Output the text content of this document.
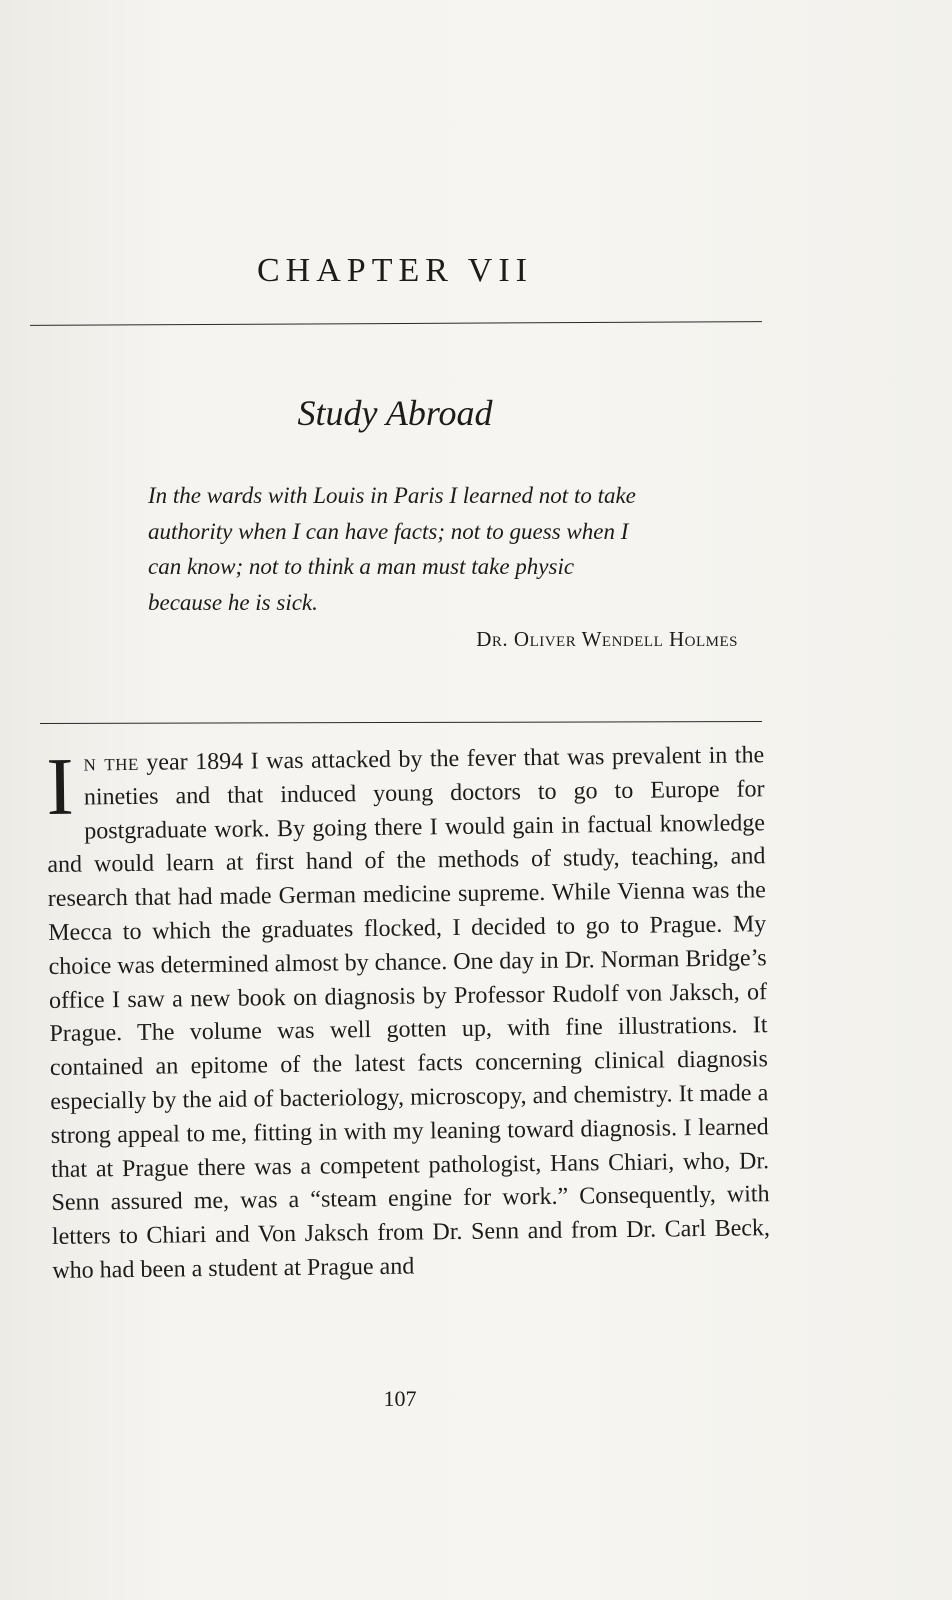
CHAPTER VII
Study Abroad

In the wards with Louis in Paris I learned not to take authority when I can have facts; not to guess when I can know; not to think a man must take physic because he is sick.

Dr. Oliver Wendell Holmes

In the year 1894 I was attacked by the fever that was prevalent in the nineties and that induced young doctors to go to Europe for postgraduate work. By going there I would gain in factual knowledge and would learn at first hand of the methods of study, teaching, and research that had made German medicine supreme. While Vienna was the Mecca to which the graduates flocked, I decided to go to Prague. My choice was determined almost by chance. One day in Dr. Norman Bridge’s office I saw a new book on diagnosis by Professor Rudolf von Jaksch, of Prague. The volume was well gotten up, with fine illustrations. It contained an epitome of the latest facts concerning clinical diagnosis especially by the aid of bacteriology, microscopy, and chemistry. It made a strong appeal to me, fitting in with my leaning toward diagnosis. I learned that at Prague there was a competent pathologist, Hans Chiari, who, Dr. Senn assured me, was a “steam engine for work.” Consequently, with letters to Chiari and Von Jaksch from Dr. Senn and from Dr. Carl Beck, who had been a student at Prague and

107
